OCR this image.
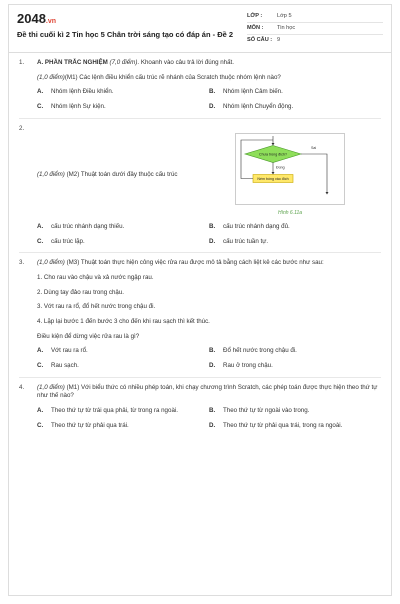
2048.vn
Đề thi cuối kì 2 Tin học 5 Chân trời sáng tạo có đáp án - Đề 2
LỚP :	Lớp 5
MÔN :	Tin học
SỐ CÂU : 9
1.	A. PHẦN TRẮC NGHIỆM (7,0 điểm). Khoanh vào câu trả lời đúng nhất.
(1,0 điểm)(M1) Các lệnh điều khiển cấu trúc rẽ nhánh của Scratch thuộc nhóm lệnh nào?
A.	Nhóm lệnh Điều khiển.	B.	Nhóm lệnh Cảm biến.
C.	Nhóm lệnh Sự kiện.	D.	Nhóm lệnh Chuyển động.
2.
(1,0 điểm) (M2) Thuật toán dưới đây thuộc cấu trúc
Chưa trúng đích?
Sai
Đúng
Ném bóng vào đích
Hình 6.11a
A.	cấu trúc nhánh dạng thiếu.	B.	cấu trúc nhánh dạng đủ.
C.	cấu trúc lặp.	D.	cấu trúc tuần tự.
3.	(1,0 điểm) (M3) Thuật toán thực hiện công việc rửa rau được mô tả bằng cách liệt kê các bước như sau:
1. Cho rau vào chậu và xả nước ngập rau.
2. Dùng tay đảo rau trong chậu.
3. Vớt rau ra rổ, đổ hết nước trong chậu đi.
4. Lặp lại bước 1 đến bước 3 cho đến khi rau sạch thì kết thúc.
Điều kiện để dừng việc rửa rau là gì?
A.	Vớt rau ra rổ.	B.	Đổ hết nước trong chậu đi.
C.	Rau sạch.	D.	Rau ở trong chậu.
4.	(1,0 điểm) (M1) Với biểu thức có nhiều phép toán, khi chạy chương trình Scratch, các phép toán được thực hiện theo thứ tự như thế nào?
A.	Theo thứ tự từ trái qua phải, từ trong ra ngoài.	B.	Theo thứ tự từ ngoài vào trong.
C.	Theo thứ tự từ phải qua trái.	D.	Theo thứ tự từ phải qua trái, trong ra ngoài.
